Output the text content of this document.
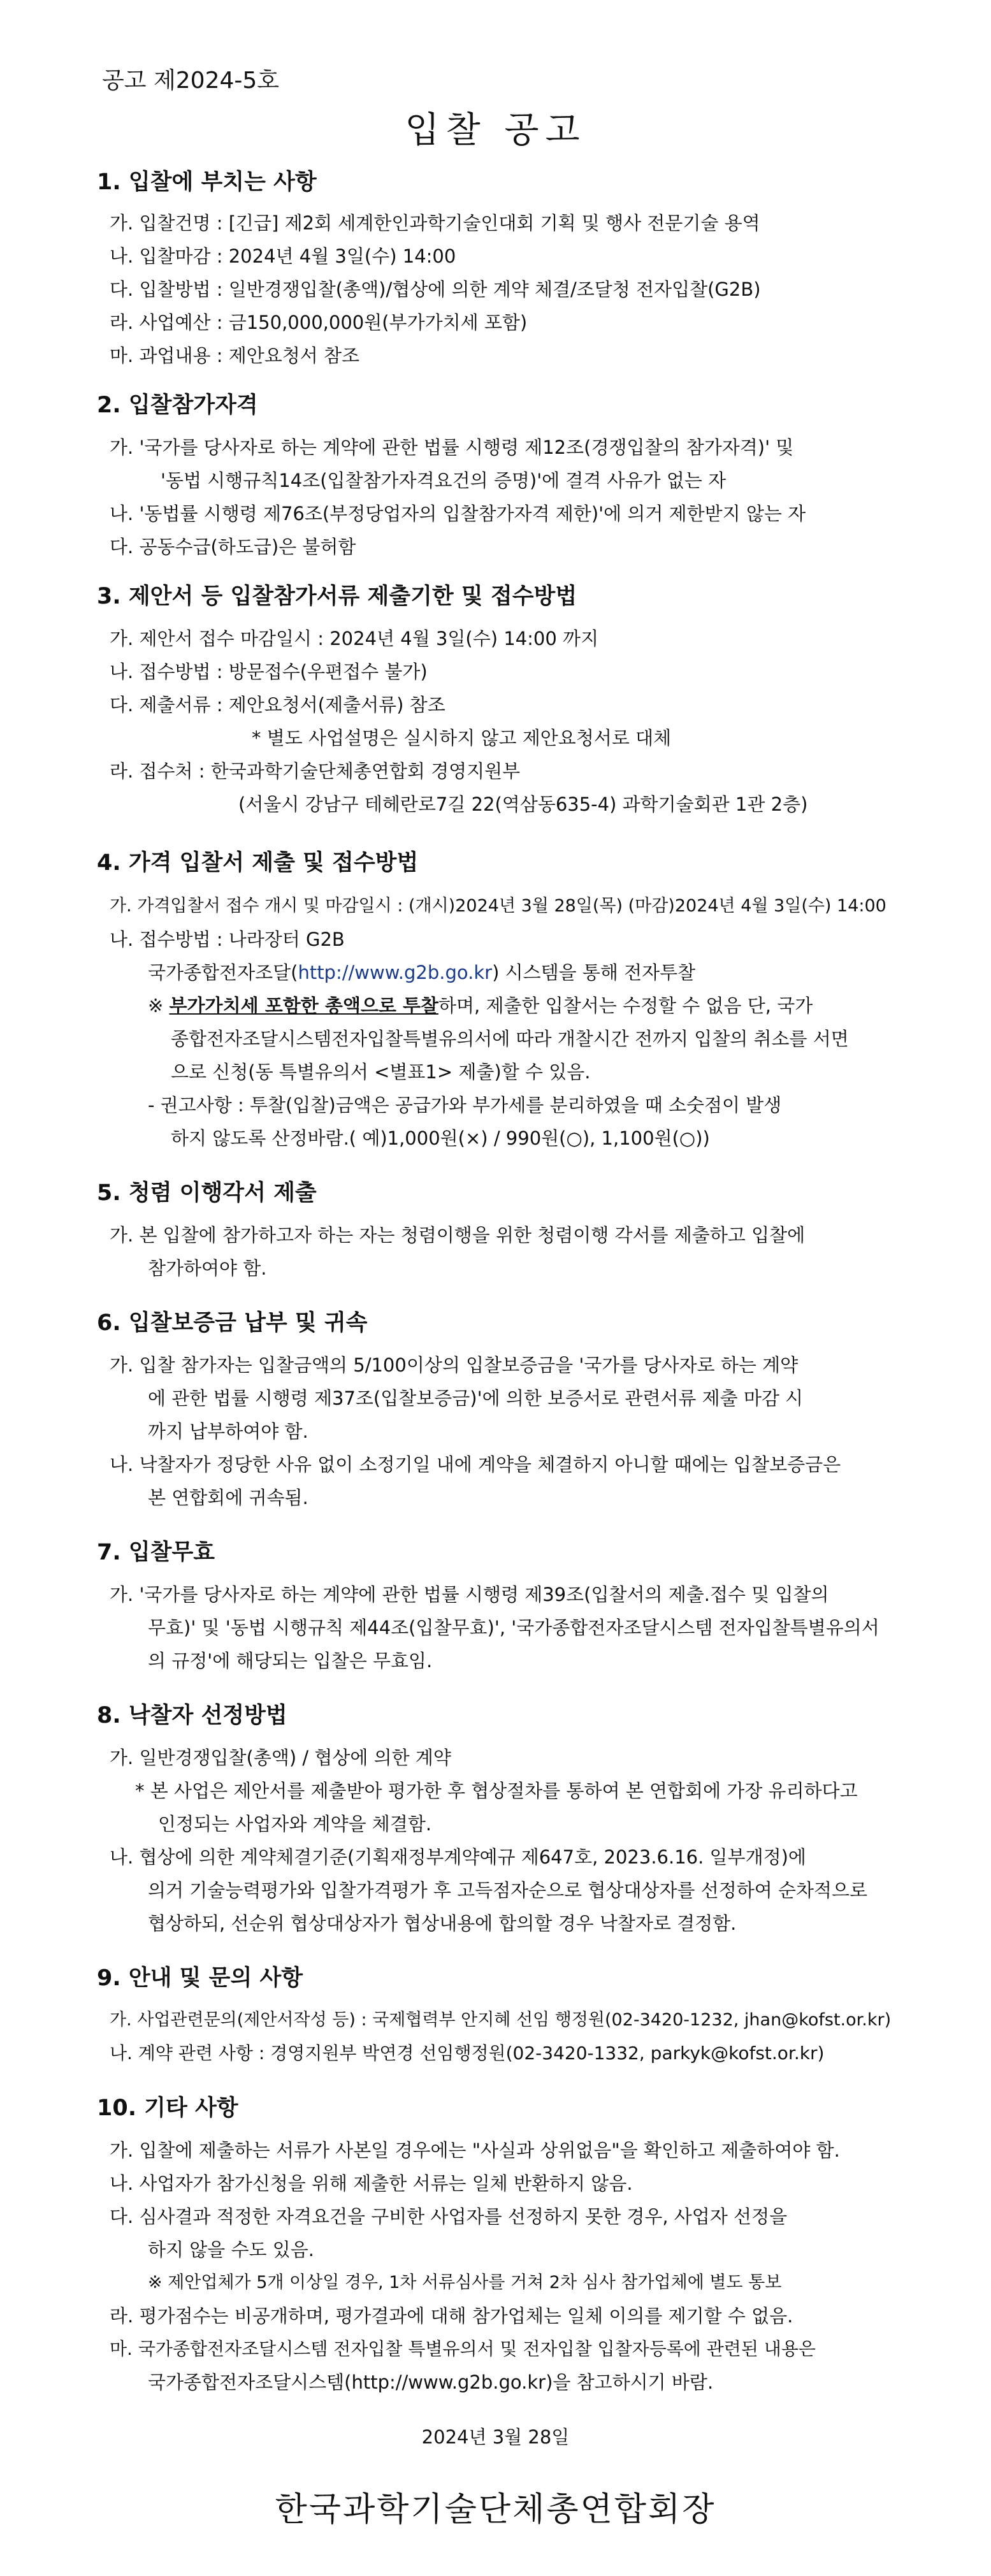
공고 제2024-5호
입찰 공고
1. 입찰에 부치는 사항
가. 입찰건명 : [긴급] 제2회 세계한인과학기술인대회 기획 및 행사 전문기술 용역
나. 입찰마감 : 2024년 4월 3일(수) 14:00
다. 입찰방법 : 일반경쟁입찰(총액)/협상에 의한 계약 체결/조달청 전자입찰(G2B)
라. 사업예산 : 금150,000,000원(부가가치세 포함)
마. 과업내용 : 제안요청서 참조
2. 입찰참가자격
가. '국가를 당사자로 하는 계약에 관한 법률 시행령 제12조(경쟁입찰의 참가자격)' 및
'동법 시행규칙14조(입찰참가자격요건의 증명)'에 결격 사유가 없는 자
나. '동법률 시행령 제76조(부정당업자의 입찰참가자격 제한)'에 의거 제한받지 않는 자
다. 공동수급(하도급)은 불허함
3. 제안서 등 입찰참가서류 제출기한 및 접수방법
가. 제안서 접수 마감일시 : 2024년 4월 3일(수) 14:00 까지
나. 접수방법 : 방문접수(우편접수 불가)
다. 제출서류 : 제안요청서(제출서류) 참조
* 별도 사업설명은 실시하지 않고 제안요청서로 대체
라. 접수처 : 한국과학기술단체총연합회 경영지원부
(서울시 강남구 테헤란로7길 22(역삼동635-4) 과학기술회관 1관 2층)
4. 가격 입찰서 제출 및 접수방법
가. 가격입찰서 접수 개시 및 마감일시 : (개시)2024년 3월 28일(목) (마감)2024년 4월 3일(수) 14:00
나. 접수방법 : 나라장터 G2B
국가종합전자조달(http://www.g2b.go.kr) 시스템을 통해 전자투찰
※ 부가가치세 포함한 총액으로 투찰하며, 제출한 입찰서는 수정할 수 없음 단, 국가
종합전자조달시스템전자입찰특별유의서에 따라 개찰시간 전까지 입찰의 취소를 서면
으로 신청(동 특별유의서 <별표1> 제출)할 수 있음.
- 권고사항 : 투찰(입찰)금액은 공급가와 부가세를 분리하였을 때 소숫점이 발생
하지 않도록 산정바람.( 예)1,000원(×) / 990원(○), 1,100원(○))
5. 청렴 이행각서 제출
가. 본 입찰에 참가하고자 하는 자는 청렴이행을 위한 청렴이행 각서를 제출하고 입찰에
참가하여야 함.
6. 입찰보증금 납부 및 귀속
가. 입찰 참가자는 입찰금액의 5/100이상의 입찰보증금을 '국가를 당사자로 하는 계약
에 관한 법률 시행령 제37조(입찰보증금)'에 의한 보증서로 관련서류 제출 마감 시
까지 납부하여야 함.
나. 낙찰자가 정당한 사유 없이 소정기일 내에 계약을 체결하지 아니할 때에는 입찰보증금은
본 연합회에 귀속됨.
7. 입찰무효
가. '국가를 당사자로 하는 계약에 관한 법률 시행령 제39조(입찰서의 제출.접수 및 입찰의
무효)' 및 '동법 시행규칙 제44조(입찰무효)', '국가종합전자조달시스템 전자입찰특별유의서
의 규정'에 해당되는 입찰은 무효임.
8. 낙찰자 선정방법
가. 일반경쟁입찰(총액) / 협상에 의한 계약
* 본 사업은 제안서를 제출받아 평가한 후 협상절차를 통하여 본 연합회에 가장 유리하다고
인정되는 사업자와 계약을 체결함.
나. 협상에 의한 계약체결기준(기획재정부계약예규 제647호, 2023.6.16. 일부개정)에
의거 기술능력평가와 입찰가격평가 후 고득점자순으로 협상대상자를 선정하여 순차적으로
협상하되, 선순위 협상대상자가 협상내용에 합의할 경우 낙찰자로 결정함.
9. 안내 및 문의 사항
가. 사업관련문의(제안서작성 등) : 국제협력부 안지혜 선임 행정원(02-3420-1232, jhan@kofst.or.kr)
나. 계약 관련 사항 : 경영지원부 박연경 선임행정원(02-3420-1332, parkyk@kofst.or.kr)
10. 기타 사항
가. 입찰에 제출하는 서류가 사본일 경우에는 "사실과 상위없음"을 확인하고 제출하여야 함.
나. 사업자가 참가신청을 위해 제출한 서류는 일체 반환하지 않음.
다. 심사결과 적정한 자격요건을 구비한 사업자를 선정하지 못한 경우, 사업자 선정을
하지 않을 수도 있음.
※ 제안업체가 5개 이상일 경우, 1차 서류심사를 거쳐 2차 심사 참가업체에 별도 통보
라. 평가점수는 비공개하며, 평가결과에 대해 참가업체는 일체 이의를 제기할 수 없음.
마. 국가종합전자조달시스템 전자입찰 특별유의서 및 전자입찰 입찰자등록에 관련된 내용은
국가종합전자조달시스템(http://www.g2b.go.kr)을 참고하시기 바람.
2024년 3월 28일
한국과학기술단체총연합회장
